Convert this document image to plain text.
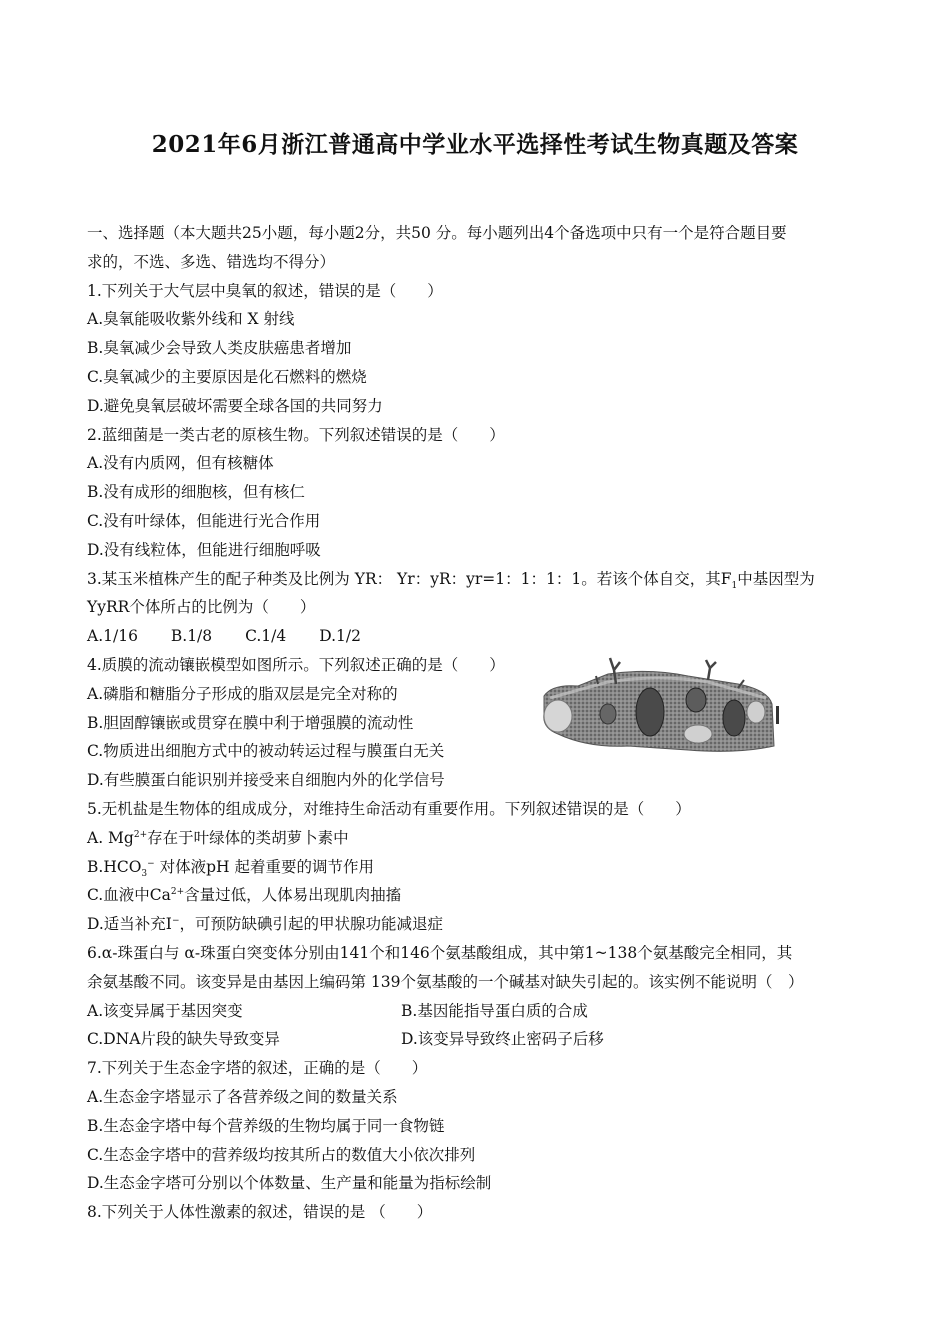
2021年6月浙江普通高中学业水平选择性考试生物真题及答案
一、选择题（本大题共25小题，每小题2分，共50 分。每小题列出4个备选项中只有一个是符合题目要
求的，不选、多选、错选均不得分）
1.下列关于大气层中臭氧的叙述，错误的是（　　）
A.臭氧能吸收紫外线和 X 射线
B.臭氧减少会导致人类皮肤癌患者增加
C.臭氧减少的主要原因是化石燃料的燃烧
D.避免臭氧层破坏需要全球各国的共同努力
2.蓝细菌是一类古老的原核生物。下列叙述错误的是（　　）
A.没有内质网，但有核糖体
B.没有成形的细胞核，但有核仁
C.没有叶绿体，但能进行光合作用
D.没有线粒体，但能进行细胞呼吸
3.某玉米植株产生的配子种类及比例为 YR： Yr：yR：yr=1：1：1：1。若该个体自交，其$F_1$中基因型为
YyRR个体所占的比例为（　　）
A.1/16 B.1/8 C.1/4 D.1/2
4.质膜的流动镶嵌模型如图所示。下列叙述正确的是（　　）
A.磷脂和糖脂分子形成的脂双层是完全对称的
B.胆固醇镶嵌或贯穿在膜中利于增强膜的流动性
C.物质进出细胞方式中的被动转运过程与膜蛋白无关
D.有些膜蛋白能识别并接受来自细胞内外的化学信号
5.无机盐是生物体的组成成分，对维持生命活动有重要作用。下列叙述错误的是（　　）
A. $Mg^{2+}$存在于叶绿体的类胡萝卜素中
$B.HCO_3^-$ 对体液pH 起着重要的调节作用
C.血液中$Ca^{2+}$含量过低，人体易出现肌肉抽搐
D.适当补充I−，可预防缺碘引起的甲状腺功能减退症
6.α-珠蛋白与 α-珠蛋白突变体分别由141个和146个氨基酸组成，其中第1~138个氨基酸完全相同，其
余氨基酸不同。该变异是由基因上编码第 139个氨基酸的一个碱基对缺失引起的。该实例不能说明（　）
A.该变异属于基因突变	B.基因能指导蛋白质的合成
C.DNA片段的缺失导致变异	D.该变异导致终止密码子后移
7.下列关于生态金字塔的叙述，正确的是（　　）
A.生态金字塔显示了各营养级之间的数量关系
B.生态金字塔中每个营养级的生物均属于同一食物链
C.生态金字塔中的营养级均按其所占的数值大小依次排列
D.生态金字塔可分别以个体数量、生产量和能量为指标绘制
8.下列关于人体性激素的叙述，错误的是 （　　）
